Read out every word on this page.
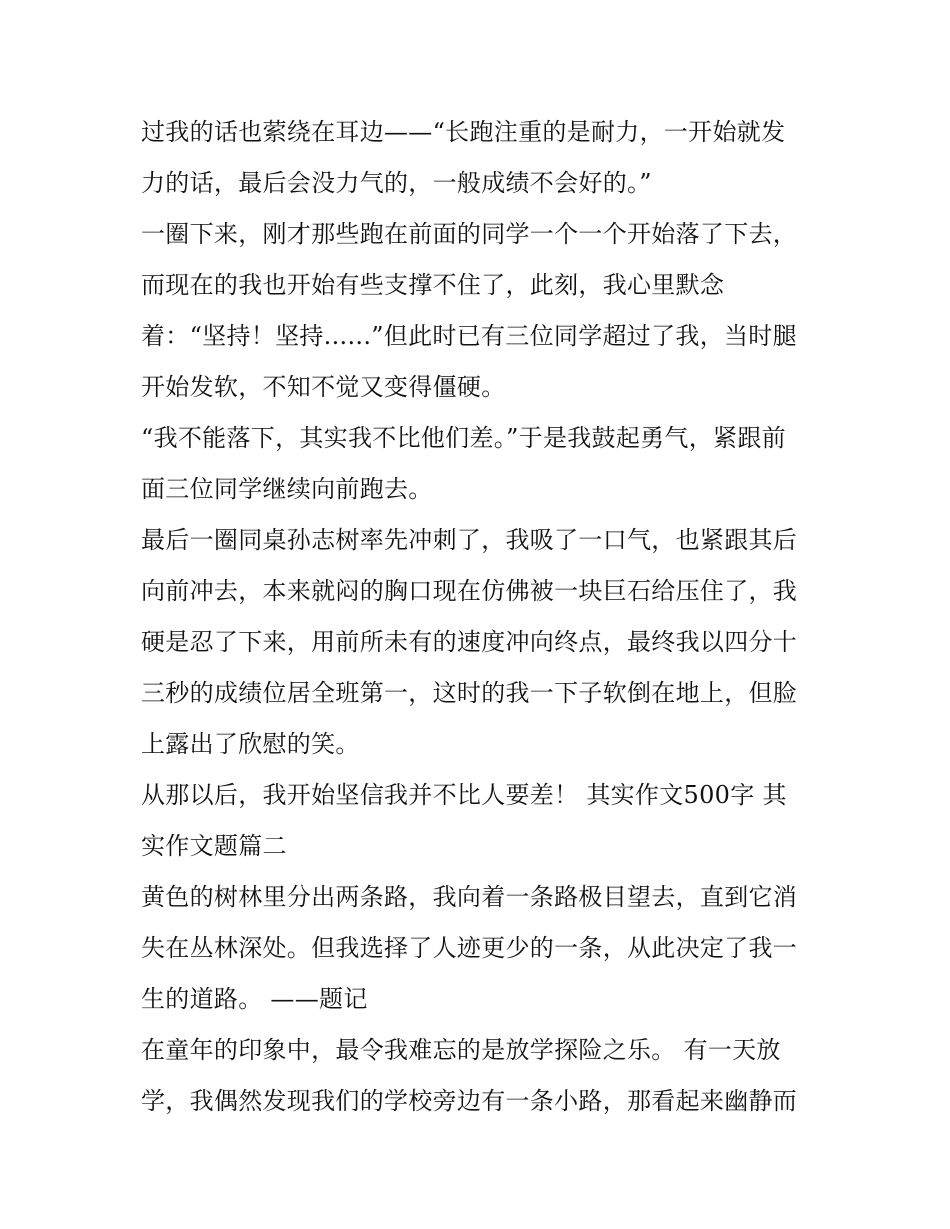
过我的话也萦绕在耳边——“长跑注重的是耐力，一开始就发
力的话，最后会没力气的，一般成绩不会好的。”
一圈下来，刚才那些跑在前面的同学一个一个开始落了下去，
而现在的我也开始有些支撑不住了，此刻，我心里默念
着：“坚持！坚持......”但此时已有三位同学超过了我，当时腿
开始发软，不知不觉又变得僵硬。
“我不能落下，其实我不比他们差。”于是我鼓起勇气，紧跟前
面三位同学继续向前跑去。
最后一圈同桌孙志树率先冲刺了，我吸了一口气，也紧跟其后
向前冲去，本来就闷的胸口现在仿佛被一块巨石给压住了，我
硬是忍了下来，用前所未有的速度冲向终点，最终我以四分十
三秒的成绩位居全班第一，这时的我一下子软倒在地上，但脸
上露出了欣慰的笑。
从那以后，我开始坚信我并不比人要差！ 其实作文500字 其
实作文题篇二
黄色的树林里分出两条路，我向着一条路极目望去，直到它消
失在丛林深处。但我选择了人迹更少的一条，从此决定了我一
生的道路。 ——题记
在童年的印象中，最令我难忘的是放学探险之乐。 有一天放
学，我偶然发现我们的学校旁边有一条小路，那看起来幽静而
